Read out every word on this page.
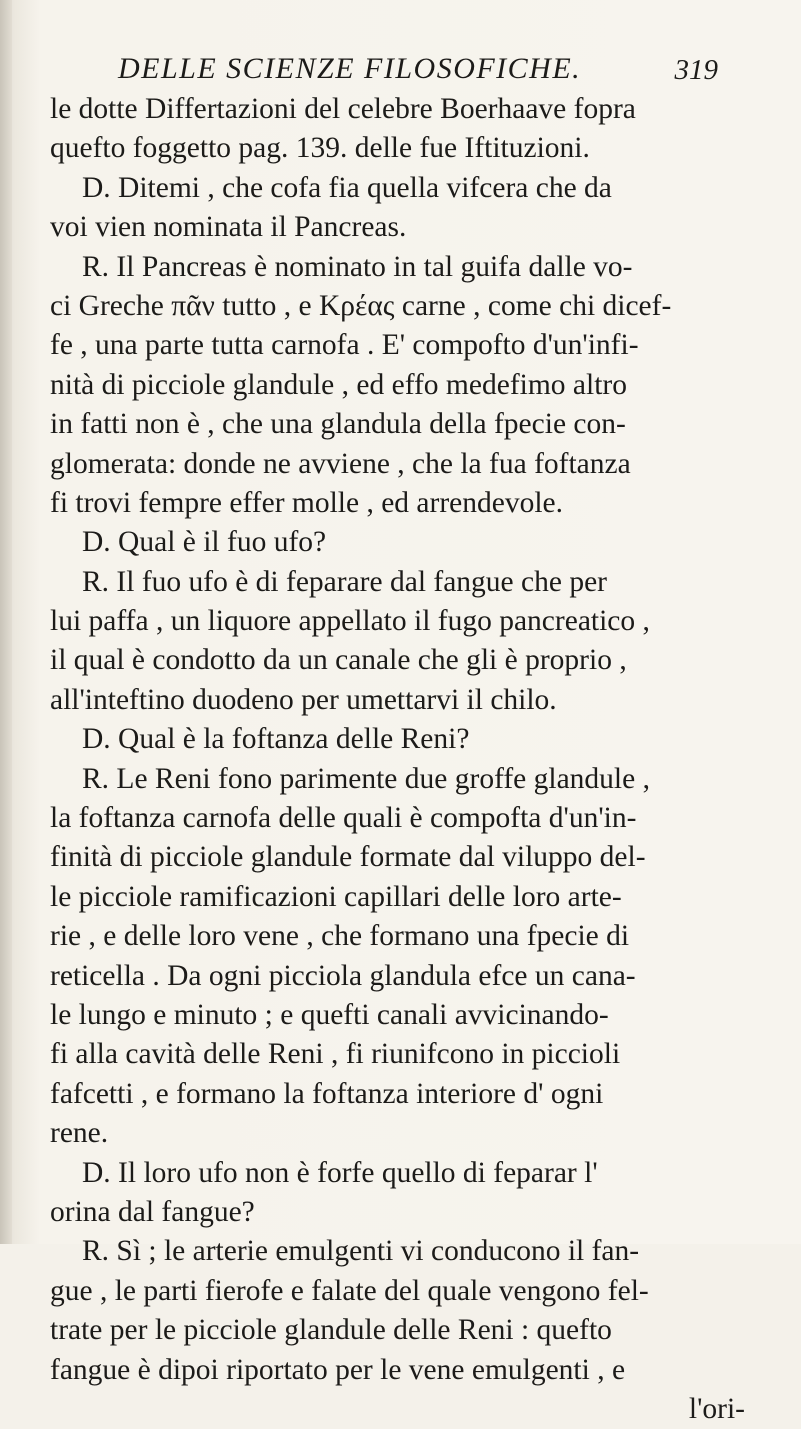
DELLE SCIENZE FILOSOFICHE.	319
le dotte Differtazioni del celebre Boerhaave fopra
quefto foggetto pag. 139. delle fue Iftituzioni.
D. Ditemi , che cofa fia quella vifcera che da
voi vien nominata il Pancreas.
R. Il Pancreas è nominato in tal guifa dalle vo-
ci Greche πᾶν tutto , e Κρέας carne , come chi dicef-
fe , una parte tutta carnofa . E' compofto d'un'infi-
nità di picciole glandule , ed effo medefimo altro
in fatti non è , che una glandula della fpecie con-
glomerata: donde ne avviene , che la fua foftanza
fi trovi fempre effer molle , ed arrendevole.
D. Qual è il fuo ufo?
R. Il fuo ufo è di feparare dal fangue che per
lui paffa , un liquore appellato il fugo pancreatico ,
il qual è condotto da un canale che gli è proprio ,
all'inteftino duodeno per umettarvi il chilo.
D. Qual è la foftanza delle Reni?
R. Le Reni fono parimente due groffe glandule ,
la foftanza carnofa delle quali è compofta d'un'in-
finità di picciole glandule formate dal viluppo del-
le picciole ramificazioni capillari delle loro arte-
rie , e delle loro vene , che formano una fpecie di
reticella . Da ogni picciola glandula efce un cana-
le lungo e minuto ; e quefti canali avvicinando-
fi alla cavità delle Reni , fi riunifcono in piccioli
fafcetti , e formano la foftanza interiore d' ogni
rene.
D. Il loro ufo non è forfe quello di feparar l'
orina dal fangue?
R. Sì ; le arterie emulgenti vi conducono il fan-
gue , le parti fierofe e falate del quale vengono fel-
trate per le picciole glandule delle Reni : quefto
fangue è dipoi riportato per le vene emulgenti , e
l'ori-
